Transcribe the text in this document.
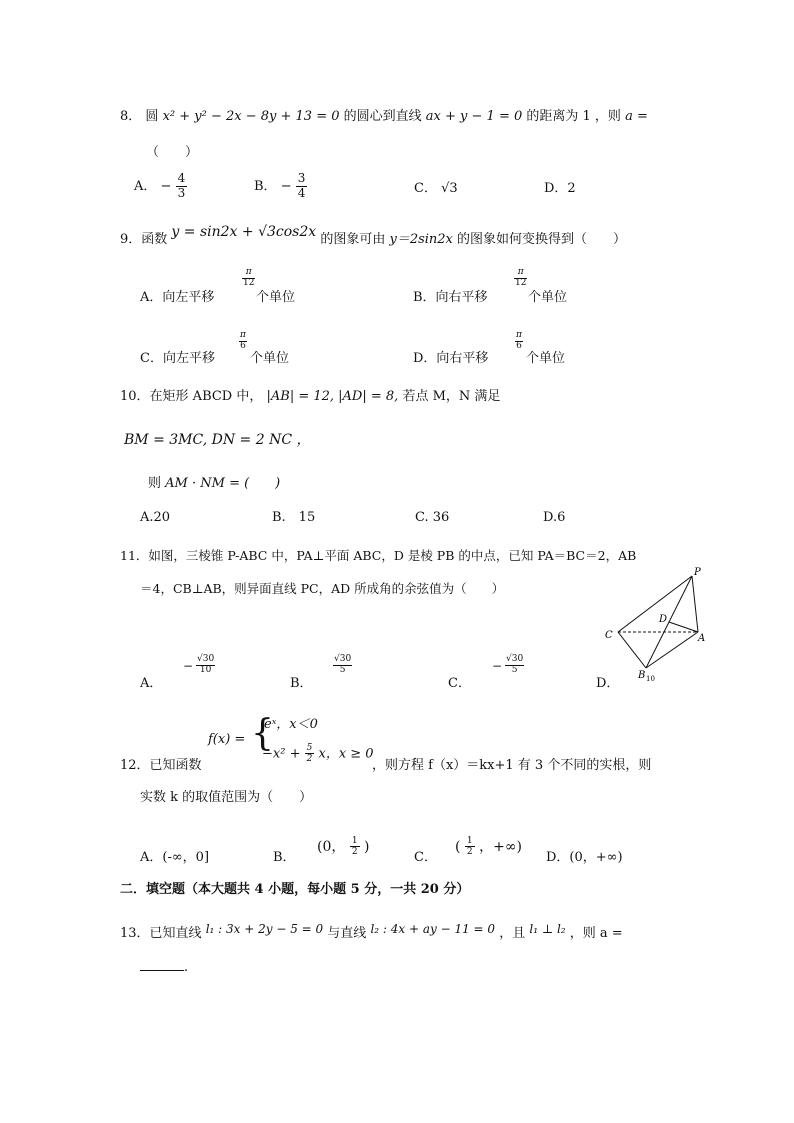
8． 圆 x² + y² − 2x − 8y + 13 = 0 的圆心到直线 ax + y − 1 = 0 的距离为 1 ，则 a =
（　　）
A． − $\frac{4}{3}$	B． − $\frac{3}{4}$	C． √3	D．2
9．函数 y = sin2x + √3cos2x 的图象可由 y＝2sin2x 的图象如何变换得到（　　）
A．向左平移
$\frac{\pi}{12}$
个单位	B．向右平移
$\frac{\pi}{12}$
个单位
C．向左平移
$\frac{\pi}{6}$
个单位	D．向右平移
$\frac{\pi}{6}$
个单位
10．在矩形 ABCD 中， |AB| = 12, |AD| = 8, 若点 M，N 满足
BM = 3MC, DN = 2 NC ，
则 AM · NM = (　　)
A.20	B.　15	C. 36	D.6
11．如图，三棱锥 P-ABC 中，PA⊥平面 ABC，D 是棱 PB 的中点，已知 PA＝BC＝2，AB
＝4，CB⊥AB，则异面直线 PC，AD 所成角的余弦值为（　　）
P
D
C	A
B 10
A．
− $\frac{√30}{10}$
B．
$\frac{√30}{5}$
C．
− $\frac{√30}{5}$
D．
f(x) = {
eˣ，x＜0
$-x^2 + \frac{5}{2}$ x，x ≥ 0
12．已知函数	，则方程 f（x）＝kx+1 有 3 个不同的实根，则
实数 k 的取值范围为（　　）
A．(-∞，0]	B．
(0， $\frac{1}{2}$ )
C．
( $\frac{1}{2}$ ，+∞)
D．(0，+∞)
二．填空题（本大题共 4 小题，每小题 5 分，一共 20 分）
13．已知直线 l₁ : 3x + 2y − 5 = 0 与直线 l₂ : 4x + ay − 11 = 0 ，且 l₁ ⊥ l₂ ，则 a =
.
